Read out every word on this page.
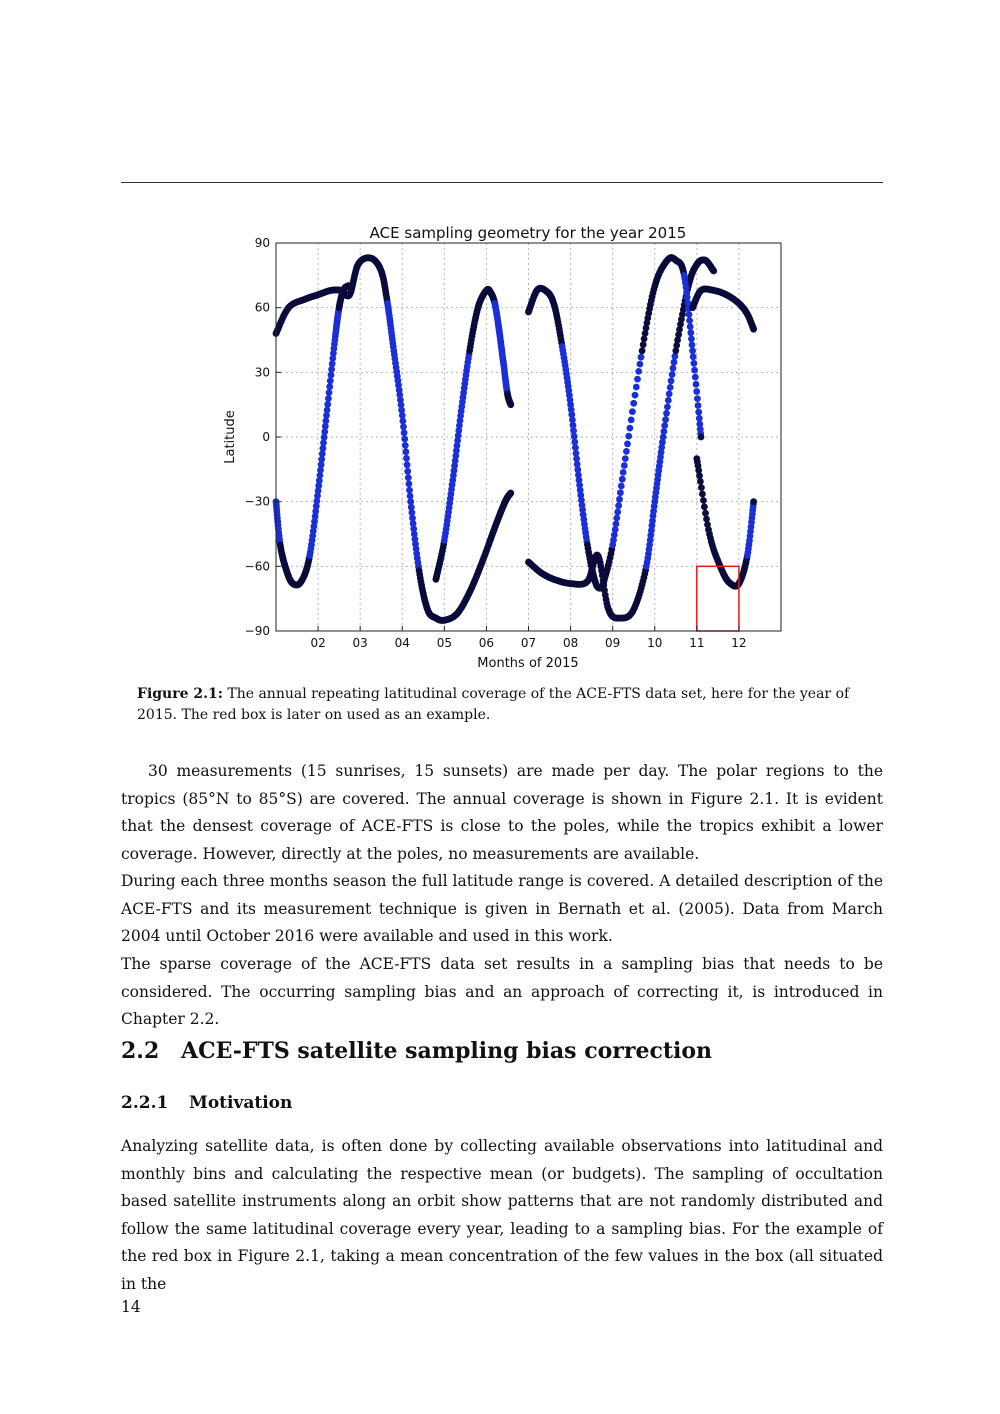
ACE sampling geometry for the year 2015
Months of 2015
Latitude
02 03 04 05 06 07 08 09 10 11 12
90
60
30
0
−30
−60
−90
Figure 2.1: The annual repeating latitudinal coverage of the ACE-FTS data set, here for the year of 2015. The red box is later on used as an example.

30 measurements (15 sunrises, 15 sunsets) are made per day. The polar regions to the tropics (85°N to 85°S) are covered. The annual coverage is shown in Figure 2.1. It is evident that the densest coverage of ACE-FTS is close to the poles, while the tropics exhibit a lower coverage. However, directly at the poles, no measurements are available.

During each three months season the full latitude range is covered. A detailed description of the ACE-FTS and its measurement technique is given in Bernath et al. (2005). Data from March 2004 until October 2016 were available and used in this work.

The sparse coverage of the ACE-FTS data set results in a sampling bias that needs to be considered. The occurring sampling bias and an approach of correcting it, is introduced in Chapter 2.2.

2.2 ACE-FTS satellite sampling bias correction
2.2.1 Motivation

Analyzing satellite data, is often done by collecting available observations into latitudinal and monthly bins and calculating the respective mean (or budgets). The sampling of occultation based satellite instruments along an orbit show patterns that are not randomly distributed and follow the same latitudinal coverage every year, leading to a sampling bias. For the example of the red box in Figure 2.1, taking a mean concentration of the few values in the box (all situated in the

14
